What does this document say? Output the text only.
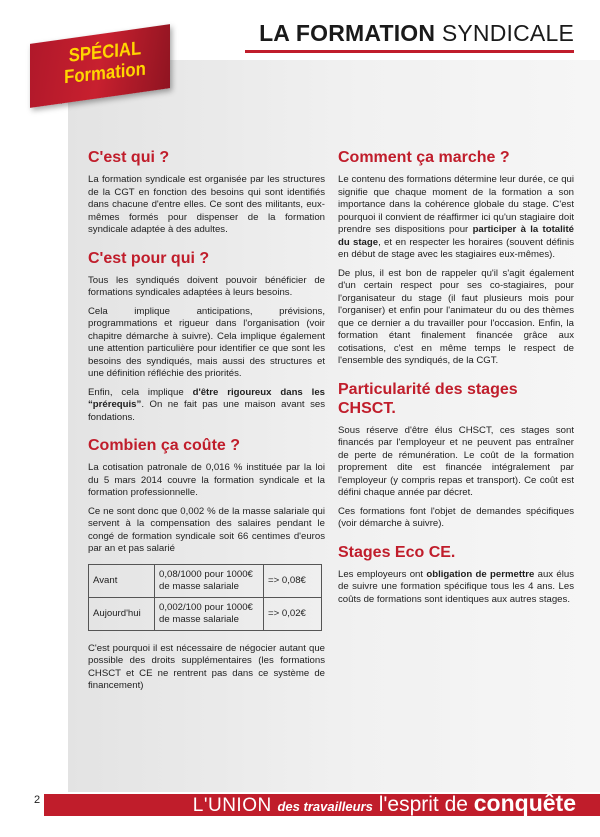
LA FORMATION SYNDICALE
SPÉCIAL
Formation
C'est qui ?

La formation syndicale est organisée par les structures de la CGT en fonction des besoins qui sont identifiés dans chacune d'entre elles. Ce sont des militants, eux-mêmes formés pour dispenser de la formation syndicale adaptée à des adultes.

C'est pour qui ?

Tous les syndiqués doivent pouvoir bénéficier de formations syndicales adaptées à leurs besoins.

Cela implique anticipations, prévisions, programmations et rigueur dans l'organisation (voir chapitre démarche à suivre). Cela implique également une attention particulière pour identifier ce que sont les besoins des syndiqués, mais aussi des structures et une définition réfléchie des priorités.

Enfin, cela implique d'être rigoureux dans les “prérequis”. On ne fait pas une maison avant ses fondations.

Combien ça coûte ?

La cotisation patronale de 0,016 % instituée par la loi du 5 mars 2014 couvre la formation syndicale et la formation professionnelle.

Ce ne sont donc que 0,002 % de la masse salariale qui servent à la compensation des salaires pendant le congé de formation syndicale soit 66 centimes d'euros par an et pas salarié

Avant	0,08/1000 pour 1000€ de masse salariale	=> 0,08€
Aujourd'hui	0,002/100 pour 1000€ de masse salariale	=> 0,02€

C'est pourquoi il est nécessaire de négocier autant que possible des droits supplémentaires (les formations CHSCT et CE ne rentrent pas dans ce système de financement)

Comment ça marche ?

Le contenu des formations détermine leur durée, ce qui signifie que chaque moment de la formation a son importance dans la cohérence globale du stage. C'est pourquoi il convient de réaffirmer ici qu'un stagiaire doit prendre ses dispositions pour participer à la totalité du stage, et en respecter les horaires (souvent définis en début de stage avec les stagiaires eux-mêmes).

De plus, il est bon de rappeler qu'il s'agit également d'un certain respect pour ses co-stagiaires, pour l'organisateur du stage (il faut plusieurs mois pour l'organiser) et enfin pour l'animateur du ou des thèmes que ce dernier a du travailler pour l'occasion. Enfin, la formation étant finalement financée grâce aux cotisations, c'est en même temps le respect de l'ensemble des syndiqués, de la CGT.

Particularité des stages CHSCT.

Sous réserve d'être élus CHSCT, ces stages sont financés par l'employeur et ne peuvent pas entraîner de perte de rémunération. Le coût de la formation proprement dite est financée intégralement par l'employeur (y compris repas et transport). Ce coût est défini chaque année par décret.

Ces formations font l'objet de demandes spécifiques (voir démarche à suivre).

Stages Eco CE.

Les employeurs ont obligation de permettre aux élus de suivre une formation spécifique tous les 4 ans. Les coûts de formations sont identiques aux autres stages.

2	L'UNION des travailleurs l'esprit de conquête
